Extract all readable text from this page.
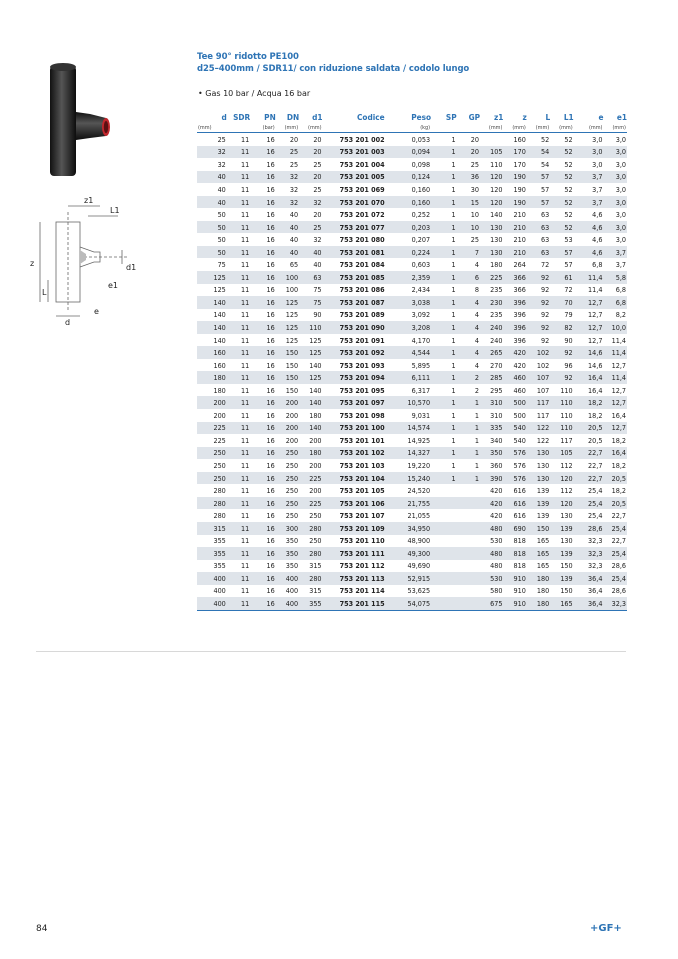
Tee 90° ridotto PE100
d25–400mm / SDR11/ con riduzione saldata / codolo lungo
• Gas 10 bar / Acqua 16 bar
z1
L1
z
L
e1
d1
d
e
d	SDR	PN	DN	d1	Codice	Peso	SP	GP	z1	z	L	L1	e	e1
(mm)		(bar)	(mm)	(mm)		(kg)			(mm)	(mm)	(mm)	(mm)	(mm)	(mm)
25	11	16	20	20	753 201 002	0,053	1	20		160	52	52	3,0	3,0
32	11	16	25	20	753 201 003	0,094	1	20	105	170	54	52	3,0	3,0
32	11	16	25	25	753 201 004	0,098	1	25	110	170	54	52	3,0	3,0
40	11	16	32	20	753 201 005	0,124	1	36	120	190	57	52	3,7	3,0
40	11	16	32	25	753 201 069	0,160	1	30	120	190	57	52	3,7	3,0
40	11	16	32	32	753 201 070	0,160	1	15	120	190	57	52	3,7	3,0
50	11	16	40	20	753 201 072	0,252	1	10	140	210	63	52	4,6	3,0
50	11	16	40	25	753 201 077	0,203	1	10	130	210	63	52	4,6	3,0
50	11	16	40	32	753 201 080	0,207	1	25	130	210	63	53	4,6	3,0
50	11	16	40	40	753 201 081	0,224	1	7	130	210	63	57	4,6	3,7
75	11	16	65	40	753 201 084	0,603	1	4	180	264	72	57	6,8	3,7
125	11	16	100	63	753 201 085	2,359	1	6	225	366	92	61	11,4	5,8
125	11	16	100	75	753 201 086	2,434	1	8	235	366	92	72	11,4	6,8
140	11	16	125	75	753 201 087	3,038	1	4	230	396	92	70	12,7	6,8
140	11	16	125	90	753 201 089	3,092	1	4	235	396	92	79	12,7	8,2
140	11	16	125	110	753 201 090	3,208	1	4	240	396	92	82	12,7	10,0
140	11	16	125	125	753 201 091	4,170	1	4	240	396	92	90	12,7	11,4
160	11	16	150	125	753 201 092	4,544	1	4	265	420	102	92	14,6	11,4
160	11	16	150	140	753 201 093	5,895	1	4	270	420	102	96	14,6	12,7
180	11	16	150	125	753 201 094	6,111	1	2	285	460	107	92	16,4	11,4
180	11	16	150	140	753 201 095	6,317	1	2	295	460	107	110	16,4	12,7
200	11	16	200	140	753 201 097	10,570	1	1	310	500	117	110	18,2	12,7
200	11	16	200	180	753 201 098	9,031	1	1	310	500	117	110	18,2	16,4
225	11	16	200	140	753 201 100	14,574	1	1	335	540	122	110	20,5	12,7
225	11	16	200	200	753 201 101	14,925	1	1	340	540	122	117	20,5	18,2
250	11	16	250	180	753 201 102	14,327	1	1	350	576	130	105	22,7	16,4
250	11	16	250	200	753 201 103	19,220	1	1	360	576	130	112	22,7	18,2
250	11	16	250	225	753 201 104	15,240	1	1	390	576	130	120	22,7	20,5
280	11	16	250	200	753 201 105	24,520			420	616	139	112	25,4	18,2
280	11	16	250	225	753 201 106	21,755			420	616	139	120	25,4	20,5
280	11	16	250	250	753 201 107	21,055			420	616	139	130	25,4	22,7
315	11	16	300	280	753 201 109	34,950			480	690	150	139	28,6	25,4
355	11	16	350	250	753 201 110	48,900			530	818	165	130	32,3	22,7
355	11	16	350	280	753 201 111	49,300			480	818	165	139	32,3	25,4
355	11	16	350	315	753 201 112	49,690			480	818	165	150	32,3	28,6
400	11	16	400	280	753 201 113	52,915			530	910	180	139	36,4	25,4
400	11	16	400	315	753 201 114	53,625			580	910	180	150	36,4	28,6
400	11	16	400	355	753 201 115	54,075			675	910	180	165	36,4	32,3
84	+GF+
